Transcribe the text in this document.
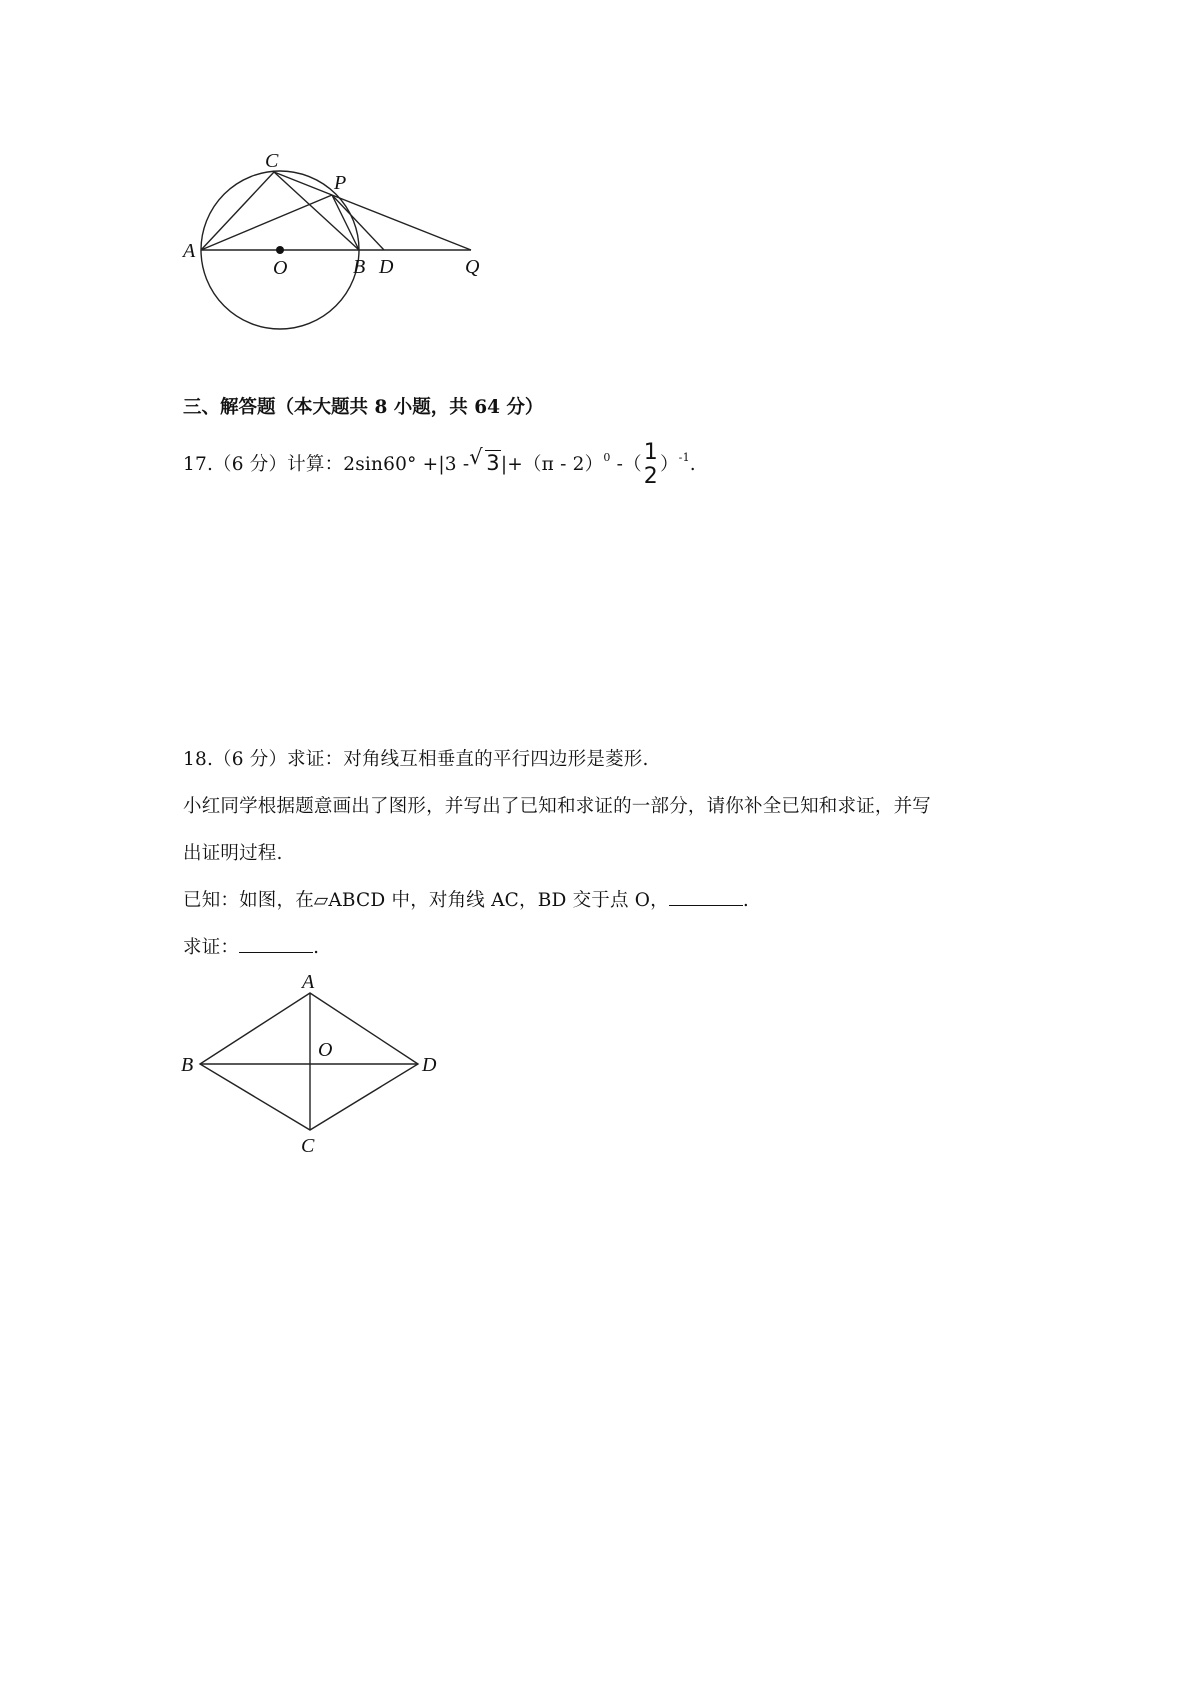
C
P
A
O	B D	Q
三、解答题（本大题共 8 小题，共 64 分）
17.（6 分）计算：2sin60° +|3 - √ 3|+（π - 2）$^0$ -（ 1
2 ）$^{-1}$.
18.（6 分）求证：对角线互相垂直的平行四边形是菱形.
小红同学根据题意画出了图形，并写出了已知和求证的一部分，请你补全已知和求证，并写
出证明过程.
已知：如图，在▱ABCD 中，对角线 AC，BD 交于点 O，	.
求证：	.
A
B
O
D
C
